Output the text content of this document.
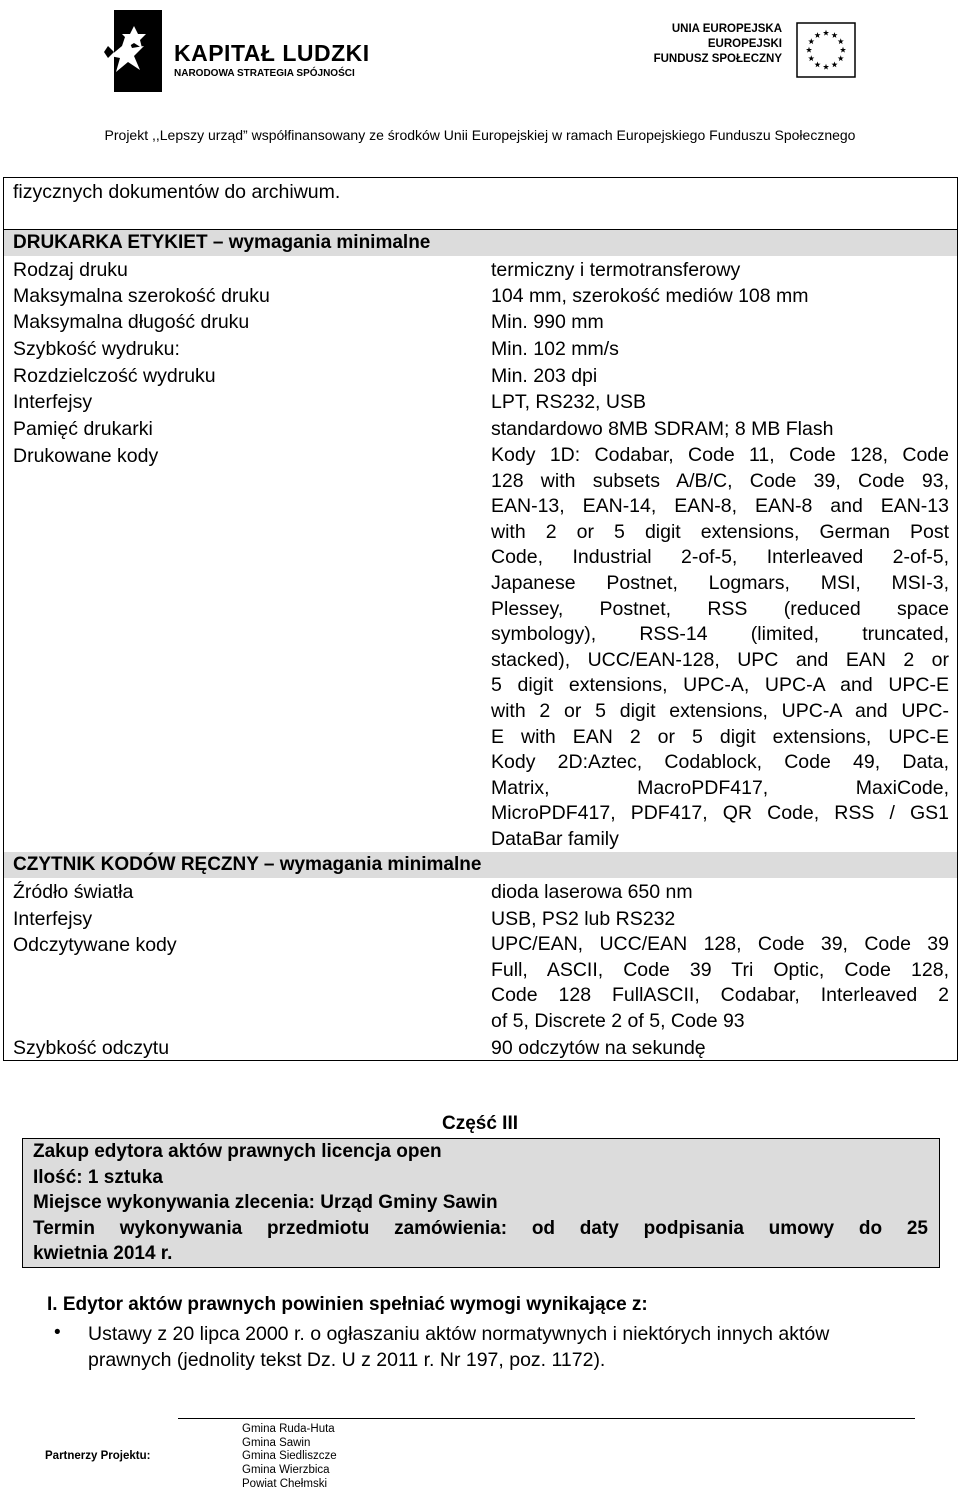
KAPITAŁ LUDZKI
NARODOWA STRATEGIA SPÓJNOŚCI
UNIA EUROPEJSKA
EUROPEJSKI
FUNDUSZ SPOŁECZNY
Projekt ,,Lepszy urząd” współfinansowany ze środków Unii Europejskiej w ramach Europejskiego Funduszu Społecznego
fizycznych dokumentów do archiwum.
DRUKARKA ETYKIET – wymagania minimalne
Rodzaj druku	termiczny i termotransferowy
Maksymalna szerokość druku	104 mm, szerokość mediów 108 mm
Maksymalna długość druku	Min. 990 mm
Szybkość wydruku:	Min. 102 mm/s
Rozdzielczość wydruku	Min. 203 dpi
Interfejsy	LPT, RS232, USB
Pamięć drukarki	standardowo 8MB SDRAM; 8 MB Flash
Drukowane kody	Kody 1D: Codabar, Code 11, Code 128, Code
128 with subsets A/B/C, Code 39, Code 93,
EAN-13, EAN-14, EAN-8, EAN-8 and EAN-13
with 2 or 5 digit extensions, German Post
Code, Industrial 2-of-5, Interleaved 2-of-5,
Japanese Postnet, Logmars, MSI, MSI-3,
Plessey, Postnet, RSS (reduced space
symbology), RSS-14 (limited, truncated,
stacked), UCC/EAN-128, UPC and EAN 2 or
5 digit extensions, UPC-A, UPC-A and UPC-E
with 2 or 5 digit extensions, UPC-A and UPC-
E with EAN 2 or 5 digit extensions, UPC-E
Kody 2D:Aztec, Codablock, Code 49, Data,
Matrix, MacroPDF417, MaxiCode,
MicroPDF417, PDF417, QR Code, RSS / GS1
DataBar family
CZYTNIK KODÓW RĘCZNY – wymagania minimalne
Źródło światła	dioda laserowa 650 nm
Interfejsy	USB, PS2 lub RS232
Odczytywane kody	UPC/EAN, UCC/EAN 128, Code 39, Code 39
Full, ASCII, Code 39 Tri Optic, Code 128,
Code 128 FullASCII, Codabar, Interleaved 2
of 5, Discrete 2 of 5, Code 93
Szybkość odczytu	90 odczytów na sekundę
Część III
Zakup edytora aktów prawnych licencja open
Ilość: 1 sztuka
Miejsce wykonywania zlecenia: Urząd Gminy Sawin
Termin wykonywania przedmiotu zamówienia: od daty podpisania umowy do 25
kwietnia 2014 r.
I. Edytor aktów prawnych powinien spełniać wymogi wynikające z:
• Ustawy z 20 lipca 2000 r. o ogłaszaniu aktów normatywnych i niektórych innych aktów
prawnych (jednolity tekst Dz. U z 2011 r. Nr 197, poz. 1172).
Partnerzy Projektu:
Gmina Ruda-Huta
Gmina Sawin
Gmina Siedliszcze
Gmina Wierzbica
Powiat Chełmski
